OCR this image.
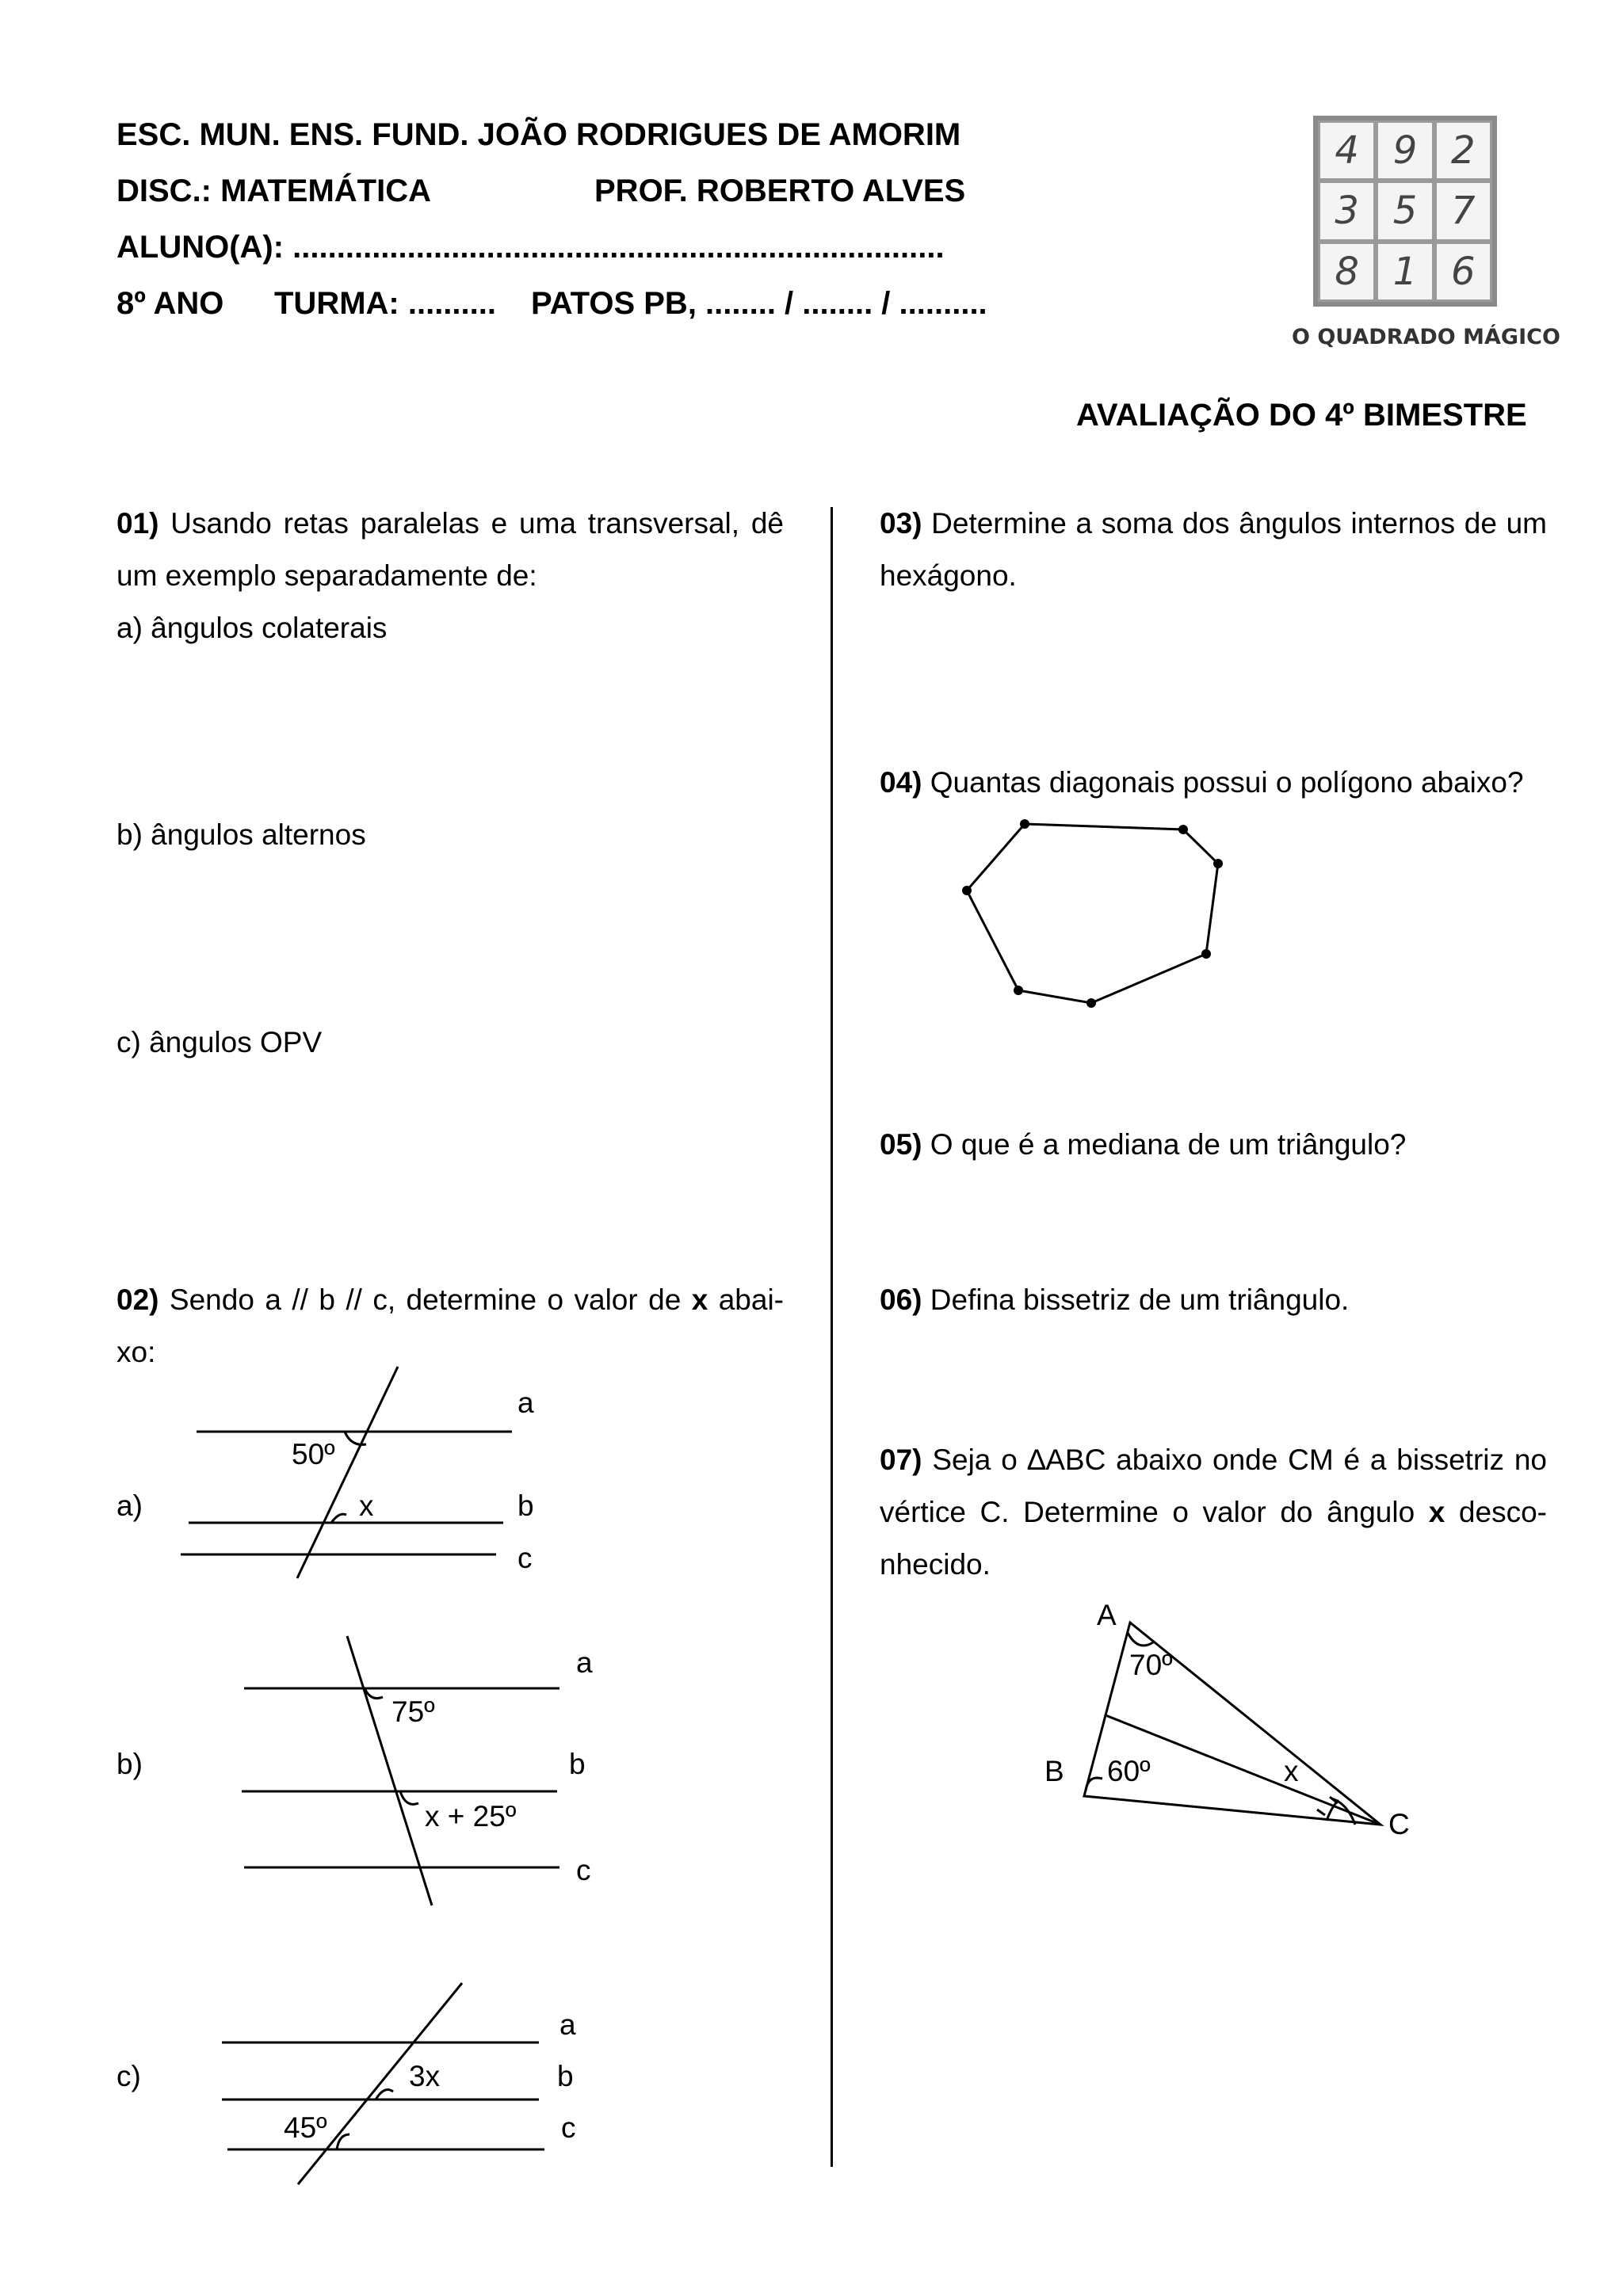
ESC. MUN. ENS. FUND. JOÃO RODRIGUES DE AMORIM
DISC.: MATEMÁTICA	PROF. ROBERTO ALVES
ALUNO(A): ..........................................................................
8º ANO TURMA: .......... PATOS PB, ........ / ........ / ..........
4 9 2
3 5 7
8 1 6
O QUADRADO MÁGICO
AVALIAÇÃO DO 4º BIMESTRE
01) Usando retas paralelas e uma transversal, dê um exemplo separadamente de:
a) ângulos colaterais
b) ângulos alternos
c) ângulos OPV
02) Sendo a // b // c, determine o valor de x abai-
xo:
03) Determine a soma dos ângulos internos de um hexágono.
04) Quantas diagonais possui o polígono abaixo?
05) O que é a mediana de um triângulo?
06) Defina bissetriz de um triângulo.
07) Seja o ∆ABC abaixo onde CM é a bissetriz no vértice C. Determine o valor do ângulo x desco-
nhecido.
a
50º
a)	x	b
c
a
75º
b)	b
x + 25º
c
a
c)	3x	b
45º	c
A
70º
B 60º	x
C
